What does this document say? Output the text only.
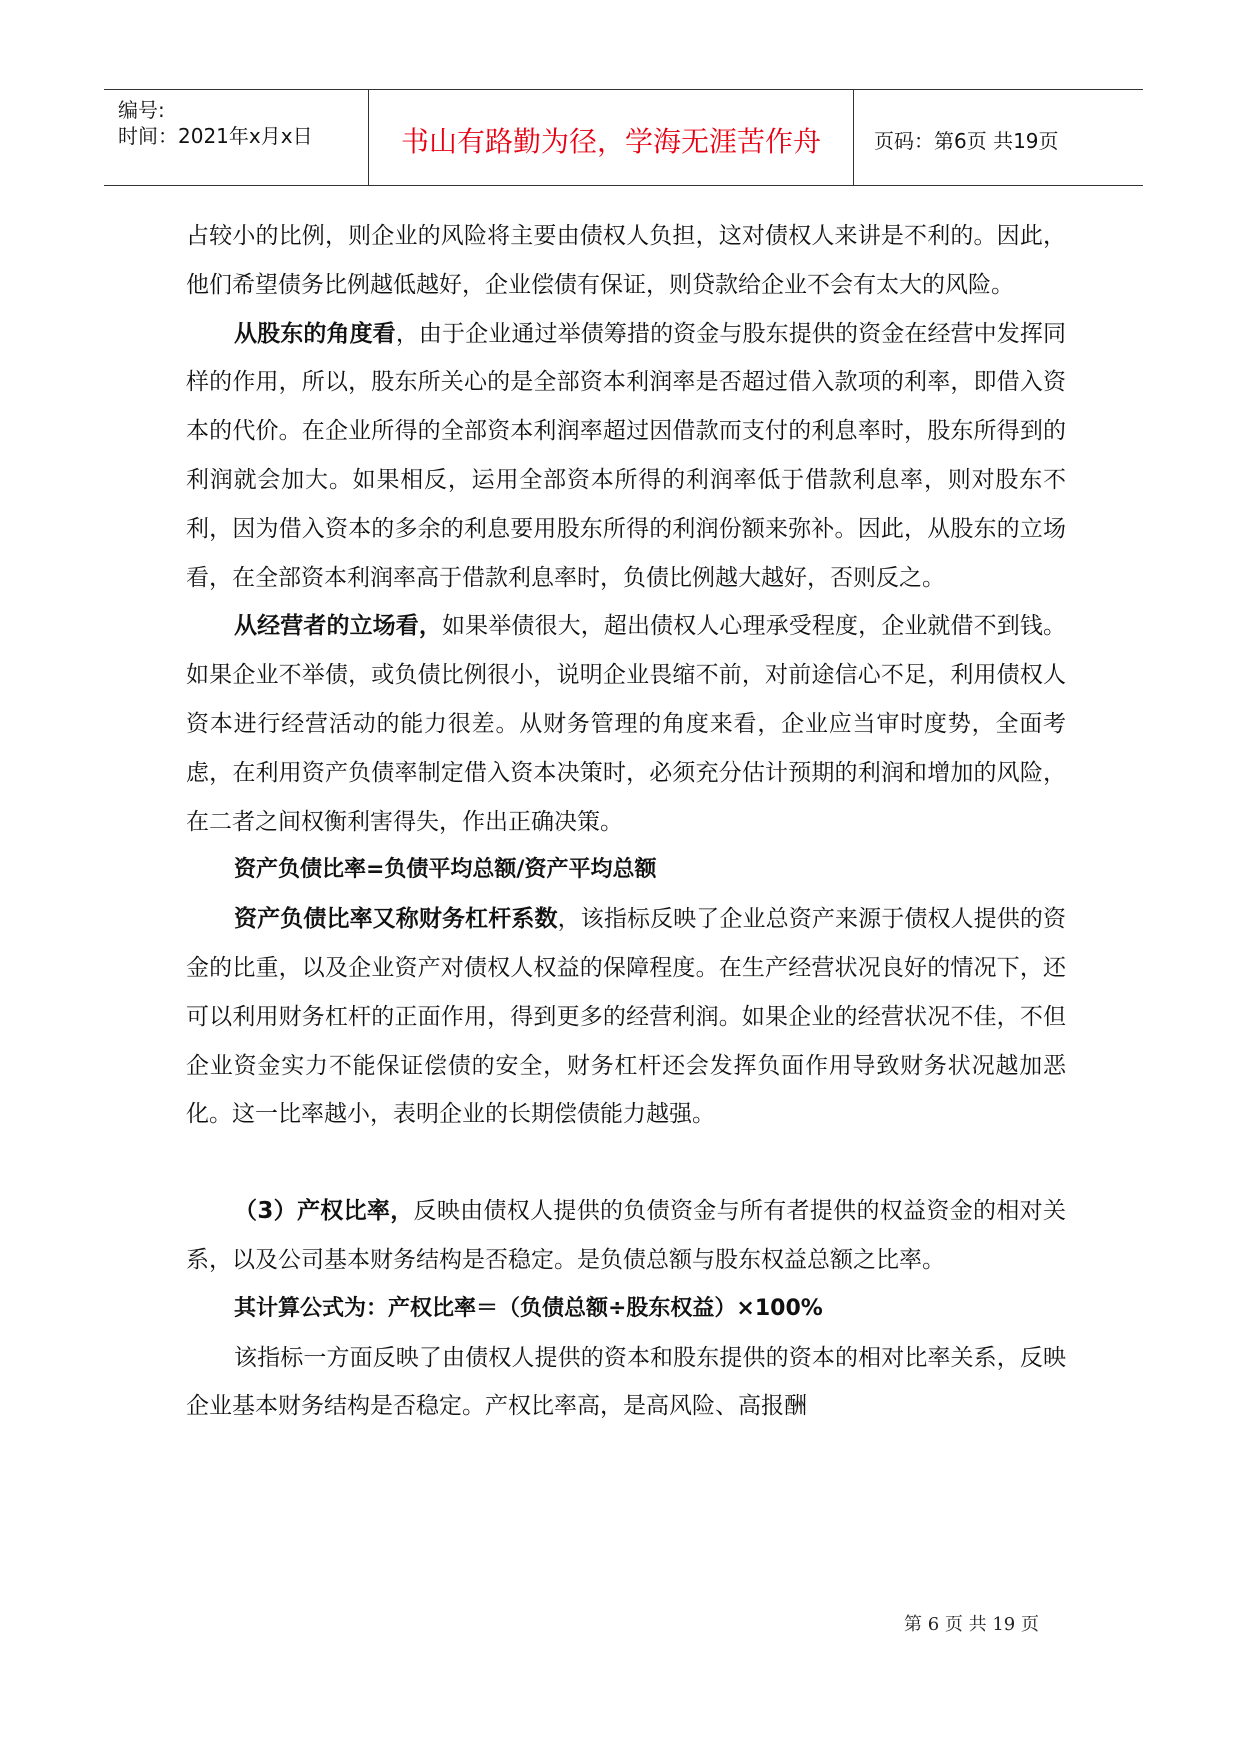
编号:
时间：2021年x月x日	书山有路勤为径，学海无涯苦作舟	页码：第6页 共19页

占较小的比例，则企业的风险将主要由债权人负担，这对债权人来讲是不利的。因此，他们希望债务比例越低越好，企业偿债有保证，则贷款给企业不会有太大的风险。

从股东的角度看，由于企业通过举债筹措的资金与股东提供的资金在经营中发挥同样的作用，所以，股东所关心的是全部资本利润率是否超过借入款项的利率，即借入资本的代价。在企业所得的全部资本利润率超过因借款而支付的利息率时，股东所得到的利润就会加大。如果相反，运用全部资本所得的利润率低于借款利息率，则对股东不利，因为借入资本的多余的利息要用股东所得的利润份额来弥补。因此，从股东的立场看，在全部资本利润率高于借款利息率时，负债比例越大越好，否则反之。

从经营者的立场看，如果举债很大，超出债权人心理承受程度，企业就借不到钱。如果企业不举债，或负债比例很小，说明企业畏缩不前，对前途信心不足，利用债权人资本进行经营活动的能力很差。从财务管理的角度来看，企业应当审时度势，全面考虑，在利用资产负债率制定借入资本决策时，必须充分估计预期的利润和增加的风险，在二者之间权衡利害得失，作出正确决策。

资产负债比率=负债平均总额/资产平均总额

资产负债比率又称财务杠杆系数，该指标反映了企业总资产来源于债权人提供的资金的比重，以及企业资产对债权人权益的保障程度。在生产经营状况良好的情况下，还可以利用财务杠杆的正面作用，得到更多的经营利润。如果企业的经营状况不佳，不但企业资金实力不能保证偿债的安全，财务杠杆还会发挥负面作用导致财务状况越加恶化。这一比率越小，表明企业的长期偿债能力越强。

（3）产权比率，反映由债权人提供的负债资金与所有者提供的权益资金的相对关系，以及公司基本财务结构是否稳定。是负债总额与股东权益总额之比率。

其计算公式为：产权比率＝（负债总额÷股东权益）×100%

该指标一方面反映了由债权人提供的资本和股东提供的资本的相对比率关系，反映企业基本财务结构是否稳定。产权比率高，是高风险、高报酬

第 6 页 共 19 页
